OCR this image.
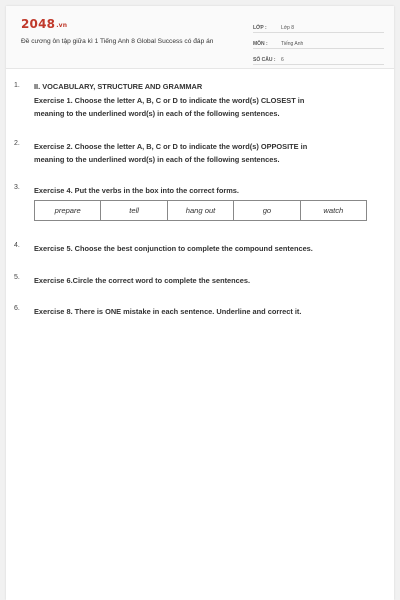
2048.vn
Đề cương ôn tập giữa kì 1 Tiếng Anh 8 Global Success có đáp án
LỚP :	Lớp 8
MÔN :	Tiếng Anh
SỐ CÂU :	6
1. II. VOCABULARY, STRUCTURE AND GRAMMAR
Exercise 1. Choose the letter A, B, C or D to indicate the word(s) CLOSEST in
meaning to the underlined word(s) in each of the following sentences.
2. Exercise 2. Choose the letter A, B, C or D to indicate the word(s) OPPOSITE in
meaning to the underlined word(s) in each of the following sentences.
3. Exercise 4. Put the verbs in the box into the correct forms.
prepare	tell	hang out	go	watch
4. Exercise 5. Choose the best conjunction to complete the compound sentences.
5. Exercise 6.Circle the correct word to complete the sentences.
6. Exercise 8. There is ONE mistake in each sentence. Underline and correct it.
